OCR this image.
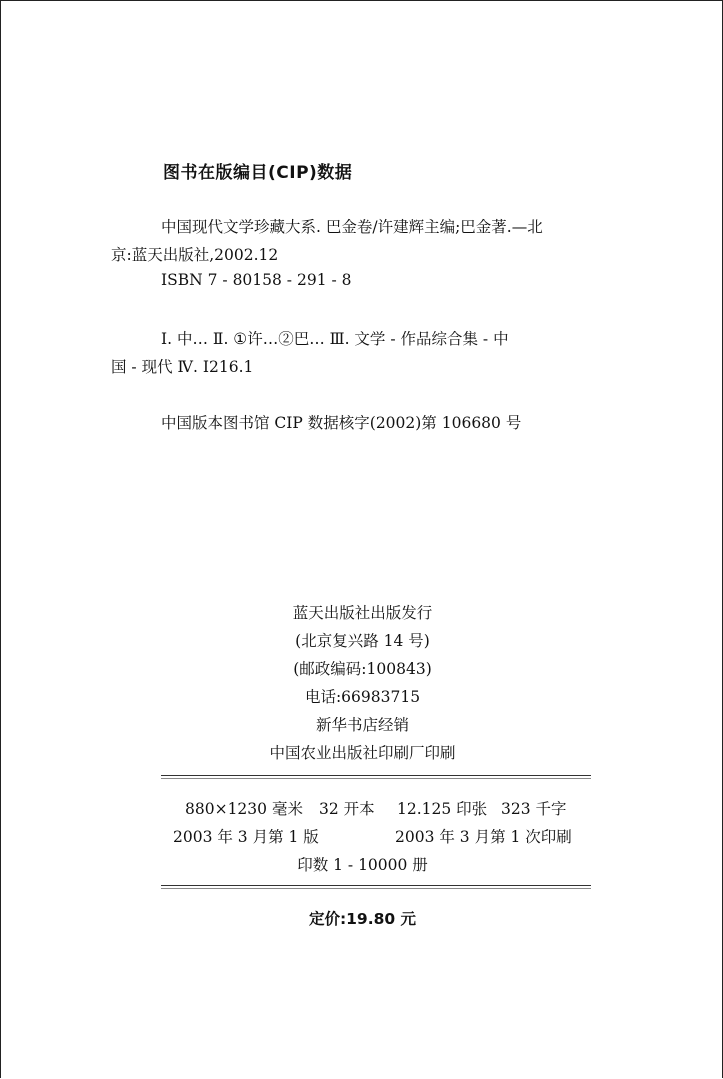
图书在版编目(CIP)数据
中国现代文学珍藏大系. 巴金卷/许建辉主编;巴金著.—北
京:蓝天出版社,2002.12
ISBN 7 - 80158 - 291 - 8
Ⅰ. 中… Ⅱ. ①许…②巴… Ⅲ. 文学 - 作品综合集 - 中
国 - 现代 Ⅳ. Ⅰ216.1
中国版本图书馆 CIP 数据核字(2002)第 106680 号
蓝天出版社出版发行
(北京复兴路 14 号)
(邮政编码:100843)
电话:66983715
新华书店经销
中国农业出版社印刷厂印刷
880×1230 毫米 32 开本 12.125 印张 323 千字
2003 年 3 月第 1 版	2003 年 3 月第 1 次印刷
印数 1 - 10000 册
定价:19.80 元
